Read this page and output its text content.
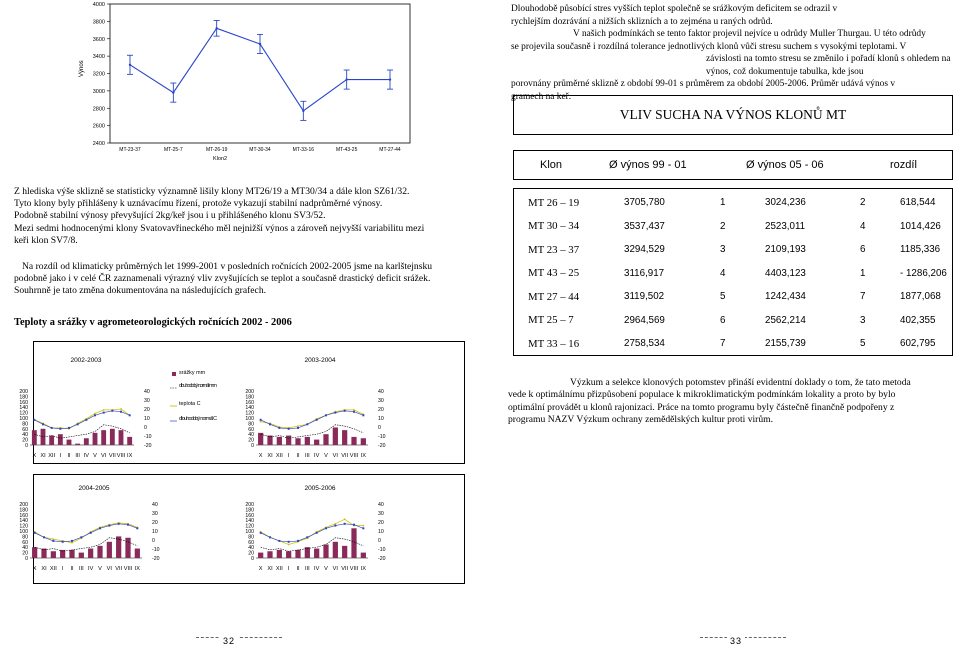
4000
3800
3600
3400
3200
3000
2800
2600
2400
MT-23-37	MT-25-7	MT-26-19	MT-30-34	MT-33-16	MT-43-25	MT-27-44
Výnos
Klon2
Dlouhodobě působící stres vyšších teplot společně se srážkovým deficitem se odrazil v
rychlejším dozrávání a nižších sklizních a to zejména u raných odrůd.
V našich podmínkách se tento faktor projevil nejvíce u odrůdy Muller Thurgau. U této odrůdy
se projevila současně i rozdílná tolerance jednotlivých klonů vůči stresu suchem s vysokými teplotami. V
závislosti na tomto stresu se změnilo i pořadí klonů s ohledem na výnos, což dokumentuje tabulka, kde jsou
porovnány průměrné sklizně z období 99-01 s průměrem za období 2005-2006. Průměr udává výnos v
gramech na keř.
VLIV SUCHA NA VÝNOS KLONŮ MT
Klon	Ø výnos 99 - 01	Ø výnos 05 - 06	rozdíl
MT 26 – 19	3705,780	1	3024,236	2	618,544
MT 30 – 34	3537,437	2	2523,011	4	1014,426
MT 23 – 37	3294,529	3	2109,193	6	1185,336
MT 43 – 25	3116,917	4	4403,123	1	- 1286,206
MT 27 – 44	3119,502	5	1242,434	7	1877,068
MT 25 – 7	2964,569	6	2562,214	3	402,355
MT 33 – 16	2758,534	7	2155,739	5	602,795
Z hlediska výše sklizně se statisticky významně lišily klony MT26/19 a MT30/34 a dále klon SZ61/32.
Tyto klony byly přihlášeny k uznávacímu řízení, protože vykazují stabilní nadprůměrné výnosy.
Podobně stabilní výnosy převyšující 2kg/keř jsou i u přihlášeného klonu SV3/52.
Mezi sedmi hodnocenými klony Svatovavřineckého měl nejnižší výnos a zároveň nejvyšší variabilitu mezi
keři klon SV7/8.
Na rozdíl od klimaticky průměrných let 1999-2001 v posledních ročnících 2002-2005 jsme na karlštejnsku
podobně jako i v celé ČR zaznamenali výrazný vliv zvyšujících se teplot a současně drastický deficit srážek.
Souhrnně je tato změna dokumentována na následujících grafech.
Teploty a srážky v agrometeorologických ročnících 2002 - 2006
2002-2003
200
180
160
140
120
100
80
60
40
20
0
40
30
20
10
0
-10
-20
X XI XII I II III IV V VI VII VIII IX
srážky mm
dlouhodobý normál mm
teplota C
dlouhodobý normál C
2003-2004
200
180
160
140
120
100
80
60
40
20
0
40
30
20
10
0
-10
-20
X XI XII I II III IV V VI VII VIII IX
2004-2005
200
180
160
140
120
100
80
60
40
20
0
40
30
20
10
0
-10
-20
X XI XII I II III IV V VI VII VIII IX
2005-2006
200
180
160
140
120
100
80
60
40
20
0
40
30
20
10
0
-10
-20
X XI XII I II III IV V VI VII VIII IX
Výzkum a selekce klonových potomstev přináší evidentní doklady o tom, že tato metoda
vede k optimálnímu přizpůsobení populace k mikroklimatickým podmínkám lokality a proto by bylo
optimální provádět u klonů rajonizaci. Práce na tomto programu byly částečně finančně podpořeny z
programu NAZV Výzkum ochrany zemědělských kultur proti virům.
32	33
